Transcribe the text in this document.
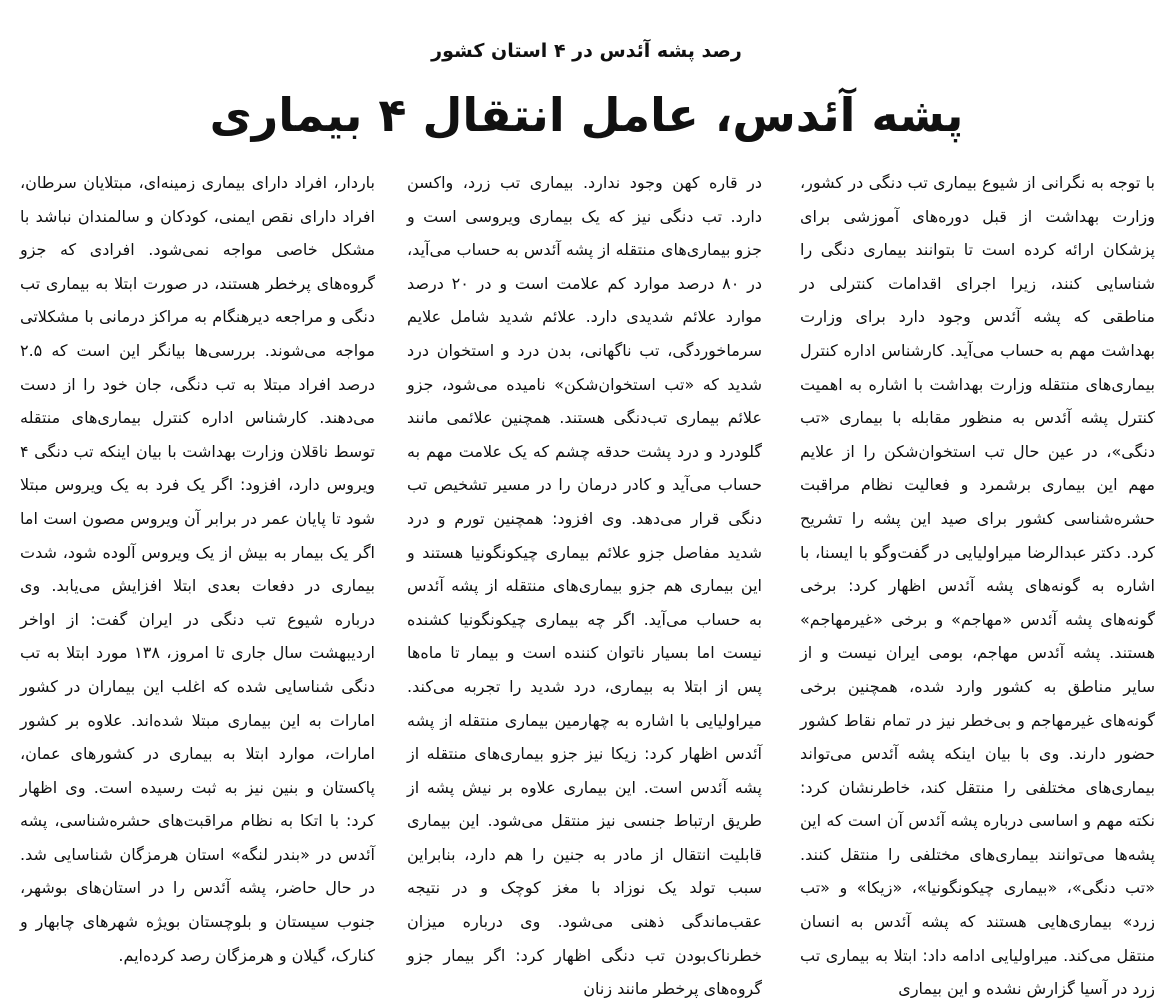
رصد پشه آئدس در ۴ استان کشور
پشه آئدس، عامل انتقال ۴ بیماری

با توجه به نگرانی از شیوع بیماری تب دنگی در کشور، وزارت بهداشت از قبل دوره‌های آموزشی برای پزشکان ارائه کرده است تا بتوانند بیماری دنگی را شناسایی کنند، زیرا اجرای اقدامات کنترلی در مناطقی که پشه آئدس وجود دارد برای وزارت بهداشت مهم به حساب می‌آید. کارشناس اداره کنترل بیماری‌های منتقله وزارت بهداشت با اشاره به اهمیت کنترل پشه آئدس به منظور مقابله با بیماری «تب دنگی»، در عین حال تب استخوان‌شکن را از علایم مهم این بیماری برشمرد و فعالیت نظام مراقبت حشره‌شناسی کشور برای صید این پشه را تشریح کرد. دکتر عبدالرضا میراولیایی در گفت‌وگو با ایسنا، با اشاره به گونه‌های پشه آئدس اظهار کرد: برخی گونه‌های پشه آئدس «مهاجم» و برخی «غیرمهاجم» هستند. پشه آئدس مهاجم، بومی ایران نیست و از سایر مناطق به کشور وارد شده، همچنین برخی گونه‌های غیرمهاجم و بی‌خطر نیز در تمام نقاط کشور حضور دارند. وی با بیان اینکه پشه آئدس می‌تواند بیماری‌های مختلفی را منتقل کند، خاطرنشان کرد: نکته مهم و اساسی درباره پشه آئدس آن است که این پشه‌ها می‌توانند بیماری‌های مختلفی را منتقل کنند. «تب دنگی»، «بیماری چیکونگونیا»، «زیکا» و «تب زرد» بیماری‌هایی هستند که پشه آئدس به انسان منتقل می‌کند. میراولیایی ادامه داد: ابتلا به بیماری تب زرد در آسیا گزارش نشده و این بیماری

در قاره کهن وجود ندارد. بیماری تب زرد، واکسن دارد. تب دنگی نیز که یک بیماری ویروسی است و جزو بیماری‌های منتقله از پشه آئدس به حساب می‌آید، در ۸۰ درصد موارد کم علامت است و در ۲۰ درصد موارد علائم شدیدی دارد. علائم شدید شامل علایم سرماخوردگی، تب ناگهانی، بدن درد و استخوان درد شدید که «تب استخوان‌شکن» نامیده می‌شود، جزو علائم بیماری تب‌دنگی هستند. همچنین علائمی مانند گلودرد و درد پشت حدقه چشم که یک علامت مهم به حساب می‌آید و کادر درمان را در مسیر تشخیص تب دنگی قرار می‌دهد. وی افزود: همچنین تورم و درد شدید مفاصل جزو علائم بیماری چیکونگونیا هستند و این بیماری هم جزو بیماری‌های منتقله از پشه آئدس به حساب می‌آید. اگر چه بیماری چیکونگونیا کشنده نیست اما بسیار ناتوان کننده است و بیمار تا ماه‌ها پس از ابتلا به بیماری، درد شدید را تجربه می‌کند. میراولیایی با اشاره به چهارمین بیماری منتقله از پشه آئدس اظهار کرد: زیکا نیز جزو بیماری‌های منتقله از پشه آئدس است. این بیماری علاوه بر نیش پشه از طریق ارتباط جنسی نیز منتقل می‌شود. این بیماری قابلیت انتقال از مادر به جنین را هم دارد، بنابراین سبب تولد یک نوزاد با مغز کوچک و در نتیجه عقب‌ماندگی ذهنی می‌شود. وی درباره میزان خطرناک‌بودن تب دنگی اظهار کرد: اگر بیمار جزو گروه‌های پرخطر مانند زنان

باردار، افراد دارای بیماری زمینه‌ای، مبتلایان سرطان، افراد دارای نقص ایمنی، کودکان و سالمندان نباشد با مشکل خاصی مواجه نمی‌شود. افرادی که جزو گروه‌های پرخطر هستند، در صورت ابتلا به بیماری تب دنگی و مراجعه دیرهنگام به مراکز درمانی با مشکلاتی مواجه می‌شوند. بررسی‌ها بیانگر این است که ۲.۵ درصد افراد مبتلا به تب دنگی، جان خود را از دست می‌دهند. کارشناس اداره کنترل بیماری‌های منتقله توسط ناقلان وزارت بهداشت با بیان اینکه تب دنگی ۴ ویروس دارد، افزود: اگر یک فرد به یک ویروس مبتلا شود تا پایان عمر در برابر آن ویروس مصون است اما اگر یک بیمار به بیش از یک ویروس آلوده شود، شدت بیماری در دفعات بعدی ابتلا افزایش می‌یابد. وی درباره شیوع تب دنگی در ایران گفت: از اواخر اردیبهشت سال جاری تا امروز، ۱۳۸ مورد ابتلا به تب دنگی شناسایی شده که اغلب این بیماران در کشور امارات به این بیماری مبتلا شده‌اند. علاوه بر کشور امارات، موارد ابتلا به بیماری در کشورهای عمان، پاکستان و بنین نیز به ثبت رسیده است. وی اظهار کرد: با اتکا به نظام مراقبت‌های حشره‌شناسی، پشه آئدس در «بندر لنگه» استان هرمزگان شناسایی شد. در حال حاضر، پشه آئدس را در استان‌های بوشهر، جنوب سیستان و بلوچستان بویژه شهرهای چابهار و کنارک، گیلان و هرمزگان رصد کرده‌ایم.
